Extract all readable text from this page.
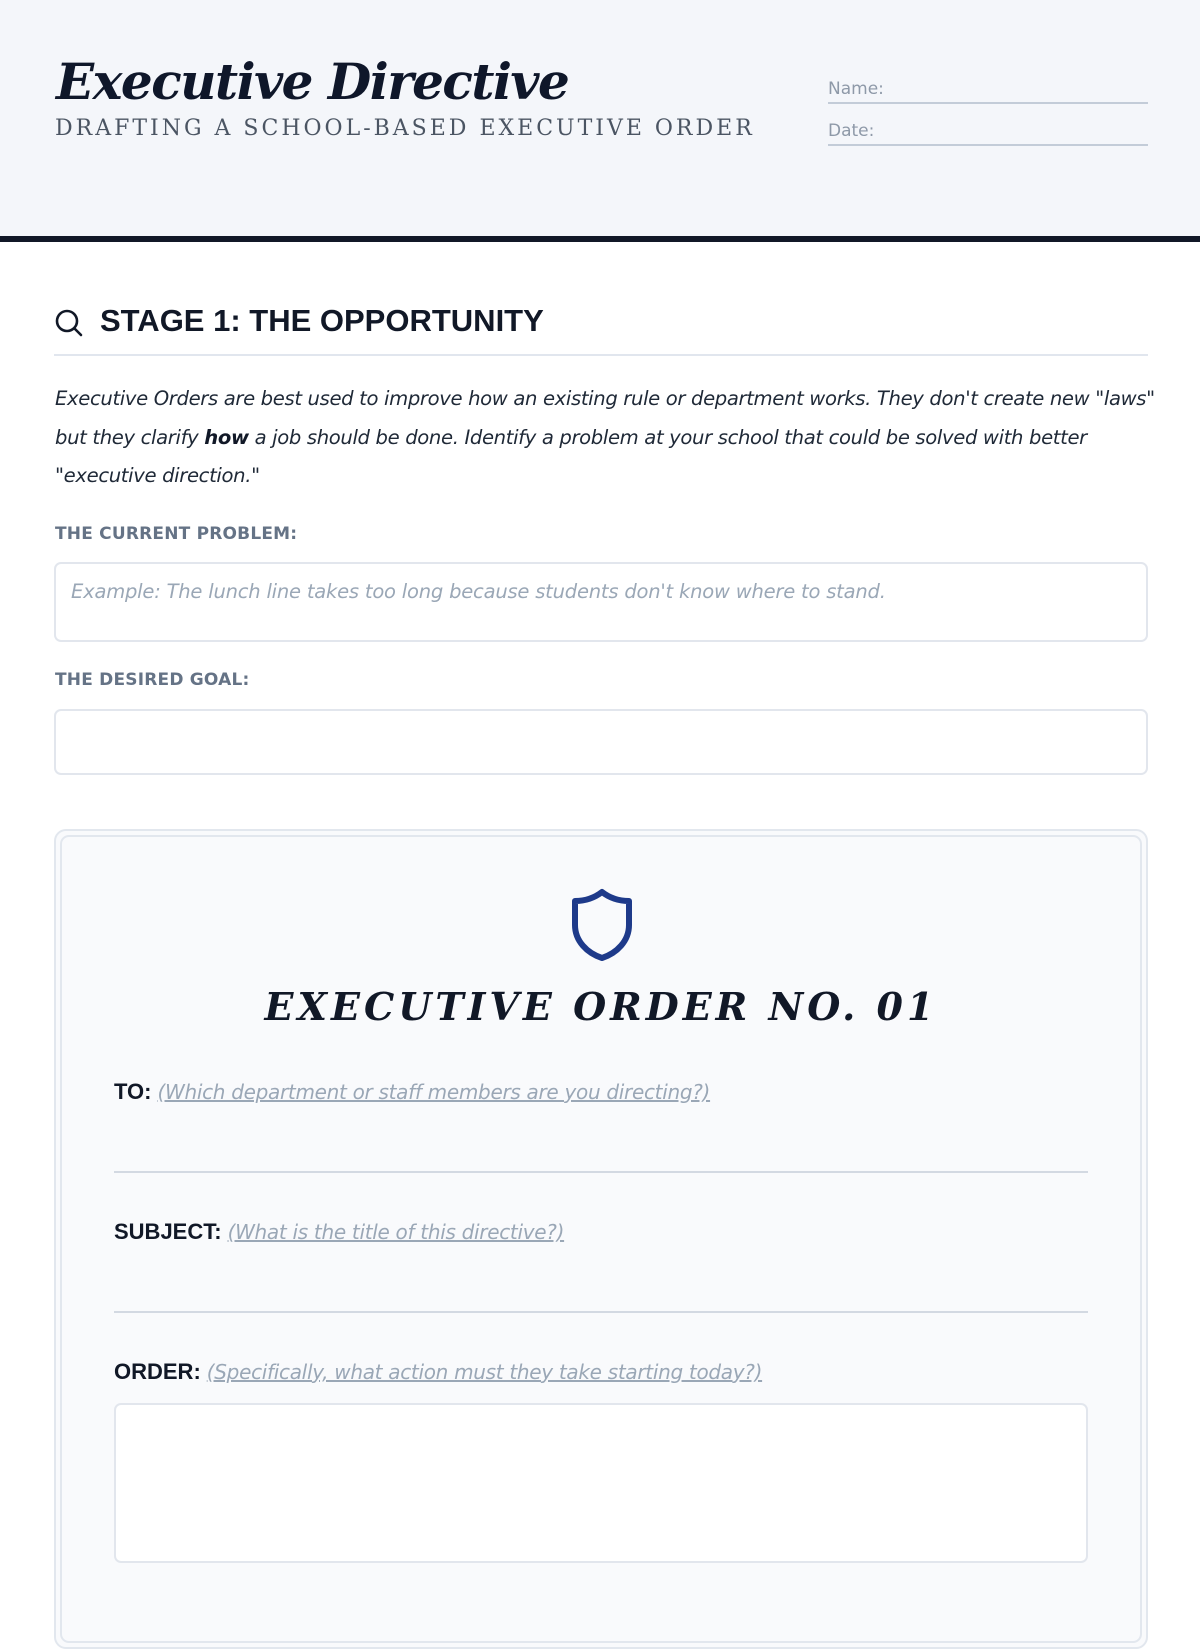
Executive Directive
DRAFTING A SCHOOL-BASED EXECUTIVE ORDER
Name:
Date:
STAGE 1: THE OPPORTUNITY

Executive Orders are best used to improve how an existing rule or department works. They don't create new "laws" but they clarify how a job should be done. Identify a problem at your school that could be solved with better "executive direction."

THE CURRENT PROBLEM:
Example: The lunch line takes too long because students don't know where to stand.
THE DESIRED GOAL:
EXECUTIVE ORDER NO. 01
TO: (Which department or staff members are you directing?)
SUBJECT: (What is the title of this directive?)
ORDER: (Specifically, what action must they take starting today?)
